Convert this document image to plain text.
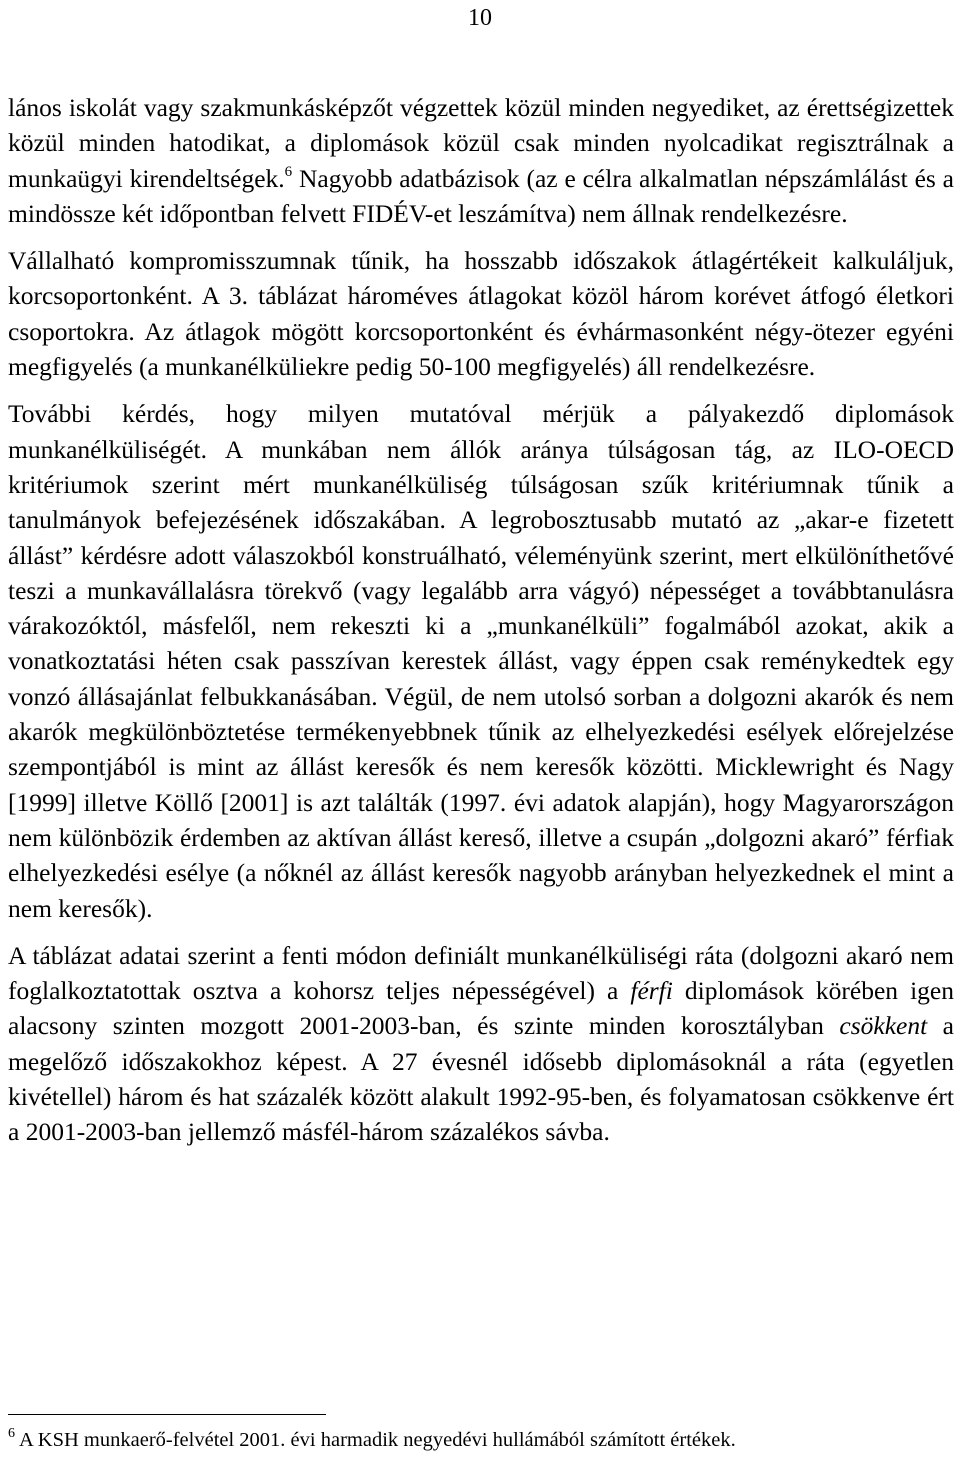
10

lános iskolát vagy szakmunkásképzőt végzettek közül minden negyediket, az érettségizettek közül minden hatodikat, a diplomások közül csak minden nyolcadikat regisztrálnak a munkaügyi kirendeltségek.$^6$ Nagyobb adatbázisok (az e célra alkalmatlan népszámlálást és a mindössze két időpontban felvett FIDÉV-et leszámítva) nem állnak rendelkezésre.

Vállalható kompromisszumnak tűnik, ha hosszabb időszakok átlagértékeit kalkuláljuk, korcsoportonként. A 3. táblázat hároméves átlagokat közöl három korévet átfogó életkori csoportokra. Az átlagok mögött korcsoportonként és évhármasonként négy-ötezer egyéni megfigyelés (a munkanélküliekre pedig 50-100 megfigyelés) áll rendelkezésre.

További kérdés, hogy milyen mutatóval mérjük a pályakezdő diplomások munkanélküliségét. A munkában nem állók aránya túlságosan tág, az ILO-OECD kritériumok szerint mért munkanélküliség túlságosan szűk kritériumnak tűnik a tanulmányok befejezésének időszakában. A legrobosztusabb mutató az „akar-e fizetett állást” kérdésre adott válaszokból konstruálható, véleményünk szerint, mert elkülöníthetővé teszi a munkavállalásra törekvő (vagy legalább arra vágyó) népességet a továbbtanulásra várakozóktól, másfelől, nem rekeszti ki a „munkanélküli” fogalmából azokat, akik a vonatkoztatási héten csak passzívan kerestek állást, vagy éppen csak reménykedtek egy vonzó állásajánlat felbukkanásában. Végül, de nem utolsó sorban a dolgozni akarók és nem akarók megkülönböztetése termékenyebbnek tűnik az elhelyezkedési esélyek előrejelzése szempontjából is mint az állást keresők és nem keresők közötti. Micklewright és Nagy [1999] illetve Köllő [2001] is azt találták (1997. évi adatok alapján), hogy Magyarországon nem különbözik érdemben az aktívan állást kereső, illetve a csupán „dolgozni akaró” férfiak elhelyezkedési esélye (a nőknél az állást keresők nagyobb arányban helyezkednek el mint a nem keresők).

A táblázat adatai szerint a fenti módon definiált munkanélküliségi ráta (dolgozni akaró nem foglalkoztatottak osztva a kohorsz teljes népességével) a férfi diplomások körében igen alacsony szinten mozgott 2001-2003-ban, és szinte minden korosztályban csökkent a megelőző időszakokhoz képest. A 27 évesnél idősebb diplomásoknál a ráta (egyetlen kivétellel) három és hat százalék között alakult 1992-95-ben, és folyamatosan csökkenve ért a 2001-2003-ban jellemző másfél-három százalékos sávba.

$^6$ A KSH munkaerő-felvétel 2001. évi harmadik negyedévi hullámából számított értékek.
